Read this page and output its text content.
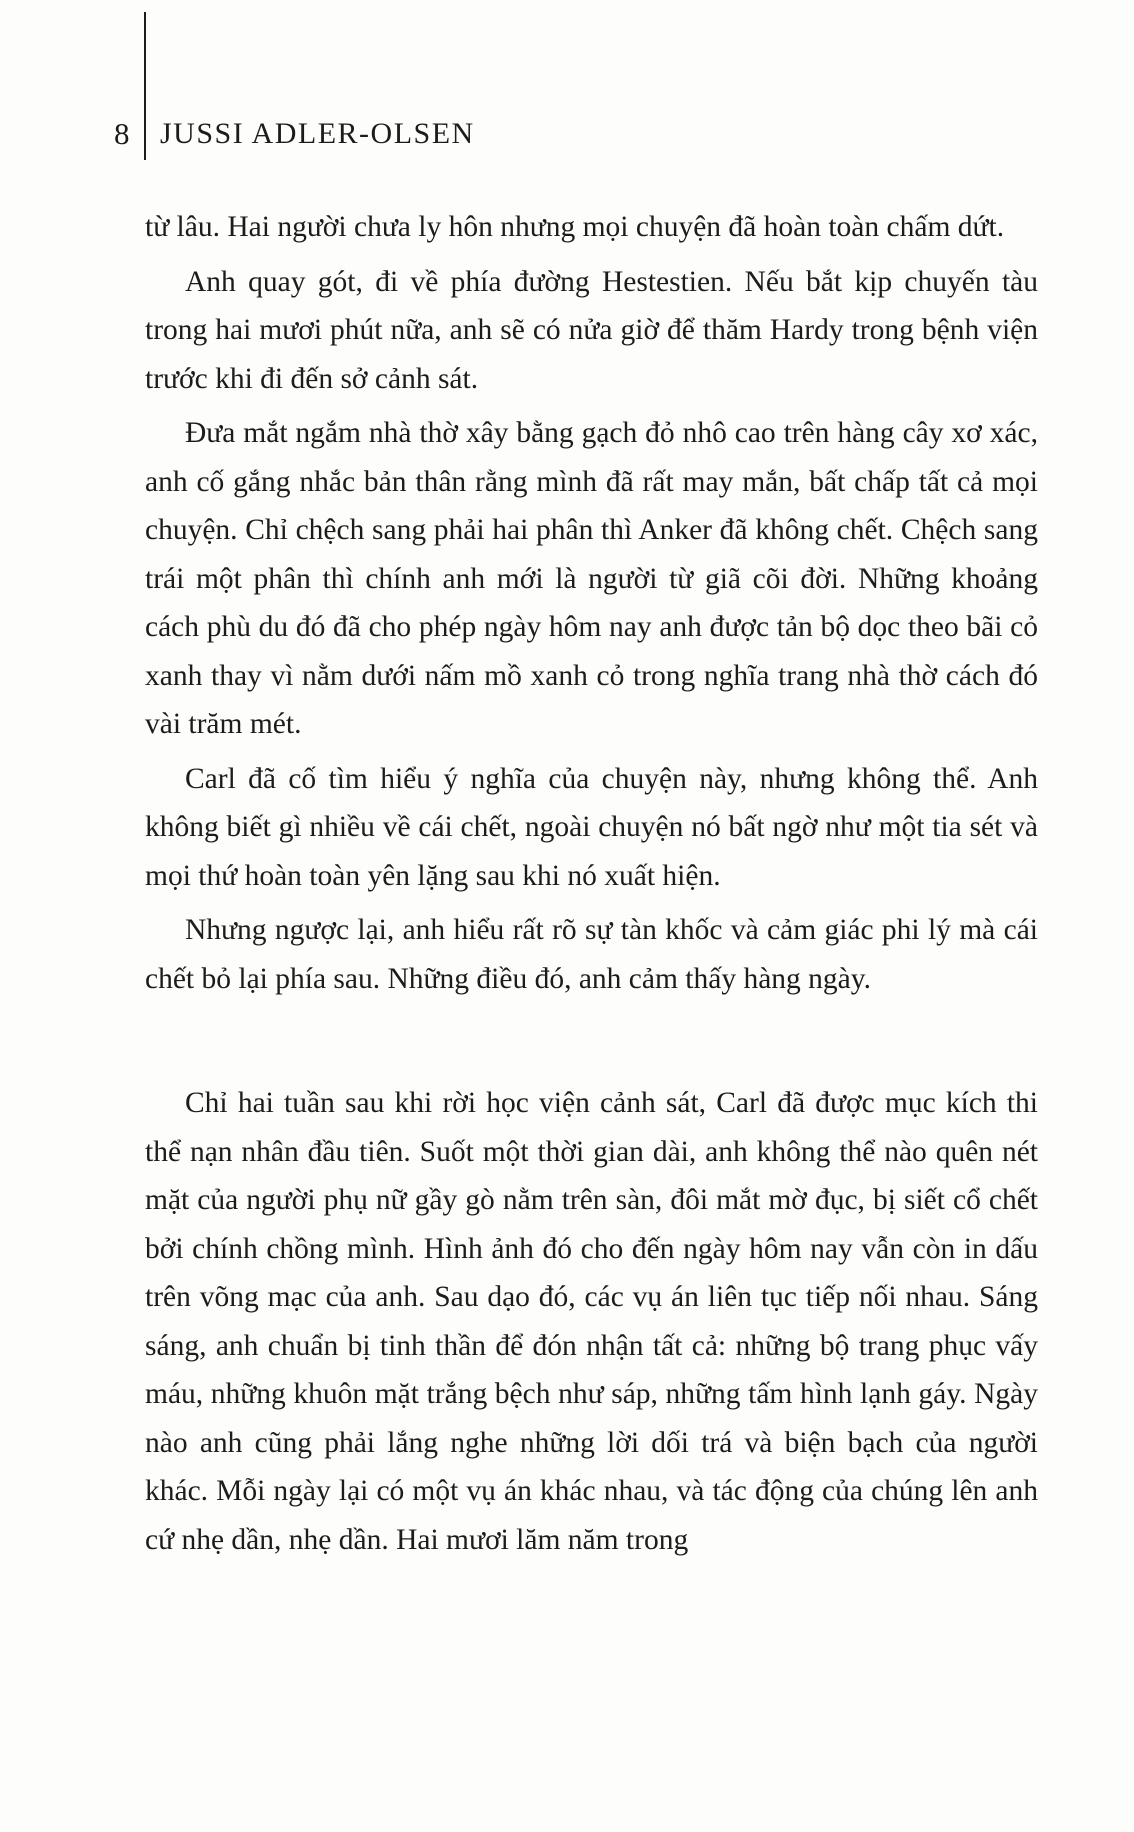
8 JUSSI ADLER-OLSEN

từ lâu. Hai người chưa ly hôn nhưng mọi chuyện đã hoàn toàn chấm dứt.

Anh quay gót, đi về phía đường Hestestien. Nếu bắt kịp chuyến tàu trong hai mươi phút nữa, anh sẽ có nửa giờ để thăm Hardy trong bệnh viện trước khi đi đến sở cảnh sát.

Đưa mắt ngắm nhà thờ xây bằng gạch đỏ nhô cao trên hàng cây xơ xác, anh cố gắng nhắc bản thân rằng mình đã rất may mắn, bất chấp tất cả mọi chuyện. Chỉ chệch sang phải hai phân thì Anker đã không chết. Chệch sang trái một phân thì chính anh mới là người từ giã cõi đời. Những khoảng cách phù du đó đã cho phép ngày hôm nay anh được tản bộ dọc theo bãi cỏ xanh thay vì nằm dưới nấm mồ xanh cỏ trong nghĩa trang nhà thờ cách đó vài trăm mét.

Carl đã cố tìm hiểu ý nghĩa của chuyện này, nhưng không thể. Anh không biết gì nhiều về cái chết, ngoài chuyện nó bất ngờ như một tia sét và mọi thứ hoàn toàn yên lặng sau khi nó xuất hiện.

Nhưng ngược lại, anh hiểu rất rõ sự tàn khốc và cảm giác phi lý mà cái chết bỏ lại phía sau. Những điều đó, anh cảm thấy hàng ngày.

Chỉ hai tuần sau khi rời học viện cảnh sát, Carl đã được mục kích thi thể nạn nhân đầu tiên. Suốt một thời gian dài, anh không thể nào quên nét mặt của người phụ nữ gầy gò nằm trên sàn, đôi mắt mờ đục, bị siết cổ chết bởi chính chồng mình. Hình ảnh đó cho đến ngày hôm nay vẫn còn in dấu trên võng mạc của anh. Sau dạo đó, các vụ án liên tục tiếp nối nhau. Sáng sáng, anh chuẩn bị tinh thần để đón nhận tất cả: những bộ trang phục vấy máu, những khuôn mặt trắng bệch như sáp, những tấm hình lạnh gáy. Ngày nào anh cũng phải lắng nghe những lời dối trá và biện bạch của người khác. Mỗi ngày lại có một vụ án khác nhau, và tác động của chúng lên anh cứ nhẹ dần, nhẹ dần. Hai mươi lăm năm trong
